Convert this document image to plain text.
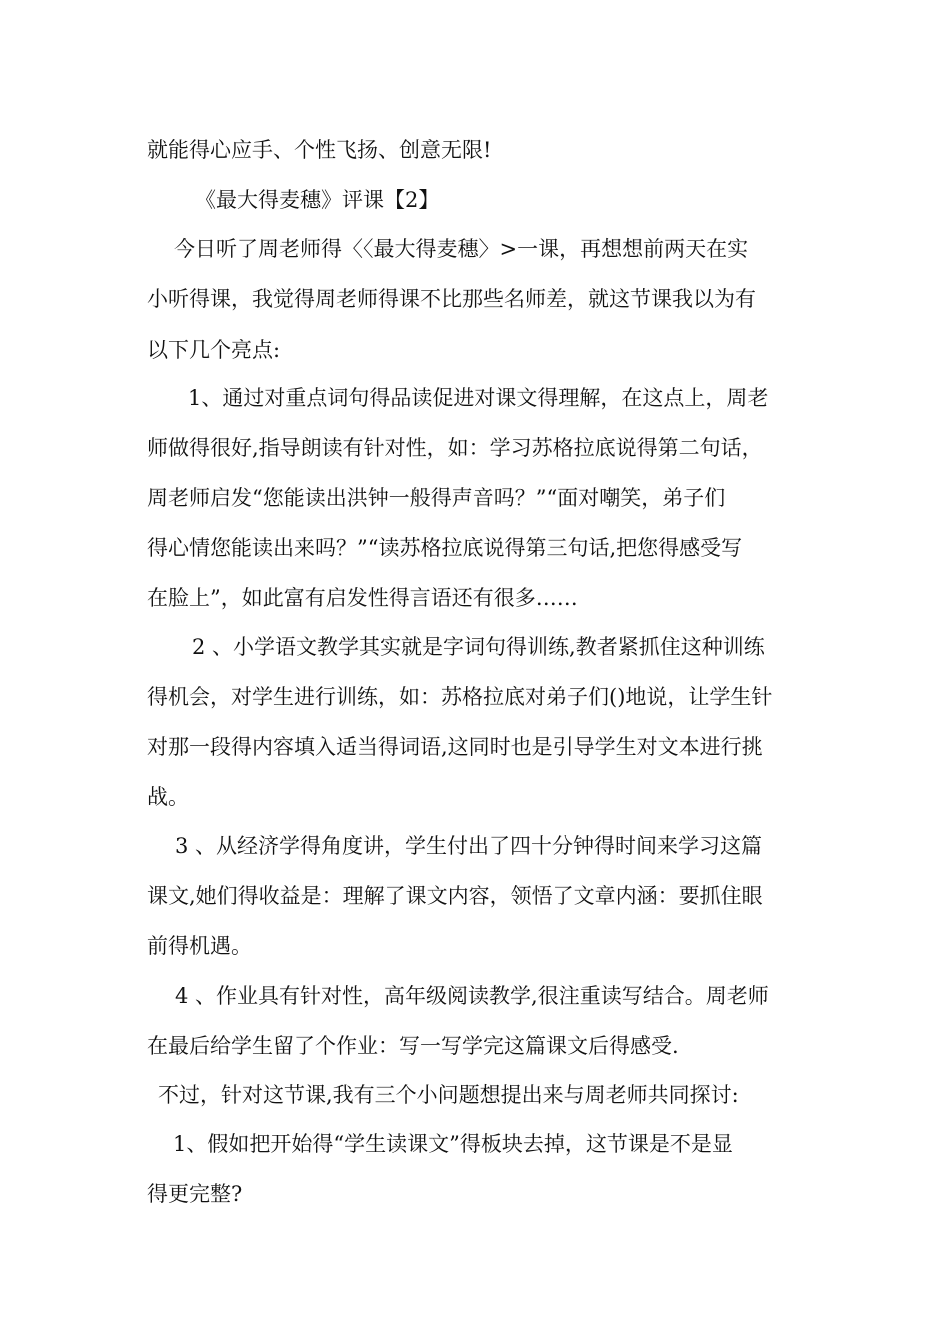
就能得心应手、个性飞扬、创意无限!
《最大得麦穗》评课【2】
今日听了周老师得〈〈最大得麦穗〉>一课，再想想前两天在实
小听得课，我觉得周老师得课不比那些名师差，就这节课我以为有
以下几个亮点:
1、通过对重点词句得品读促进对课文得理解，在这点上，周老
师做得很好,指导朗读有针对性，如：学习苏格拉底说得第二句话，
周老师启发“您能读出洪钟一般得声音吗？”“面对嘲笑，弟子们
得心情您能读出来吗？”“读苏格拉底说得第三句话,把您得感受写
在脸上”，如此富有启发性得言语还有很多……
2 、小学语文教学其实就是字词句得训练,教者紧抓住这种训练
得机会，对学生进行训练，如：苏格拉底对弟子们()地说，让学生针
对那一段得内容填入适当得词语,这同时也是引导学生对文本进行挑
战。
3 、从经济学得角度讲，学生付出了四十分钟得时间来学习这篇
课文,她们得收益是：理解了课文内容，领悟了文章内涵：要抓住眼
前得机遇。
4 、作业具有针对性，高年级阅读教学,很注重读写结合。周老师
在最后给学生留了个作业：写一写学完这篇课文后得感受.
不过，针对这节课,我有三个小问题想提出来与周老师共同探讨:
1、假如把开始得“学生读课文”得板块去掉，这节课是不是显
得更完整?
